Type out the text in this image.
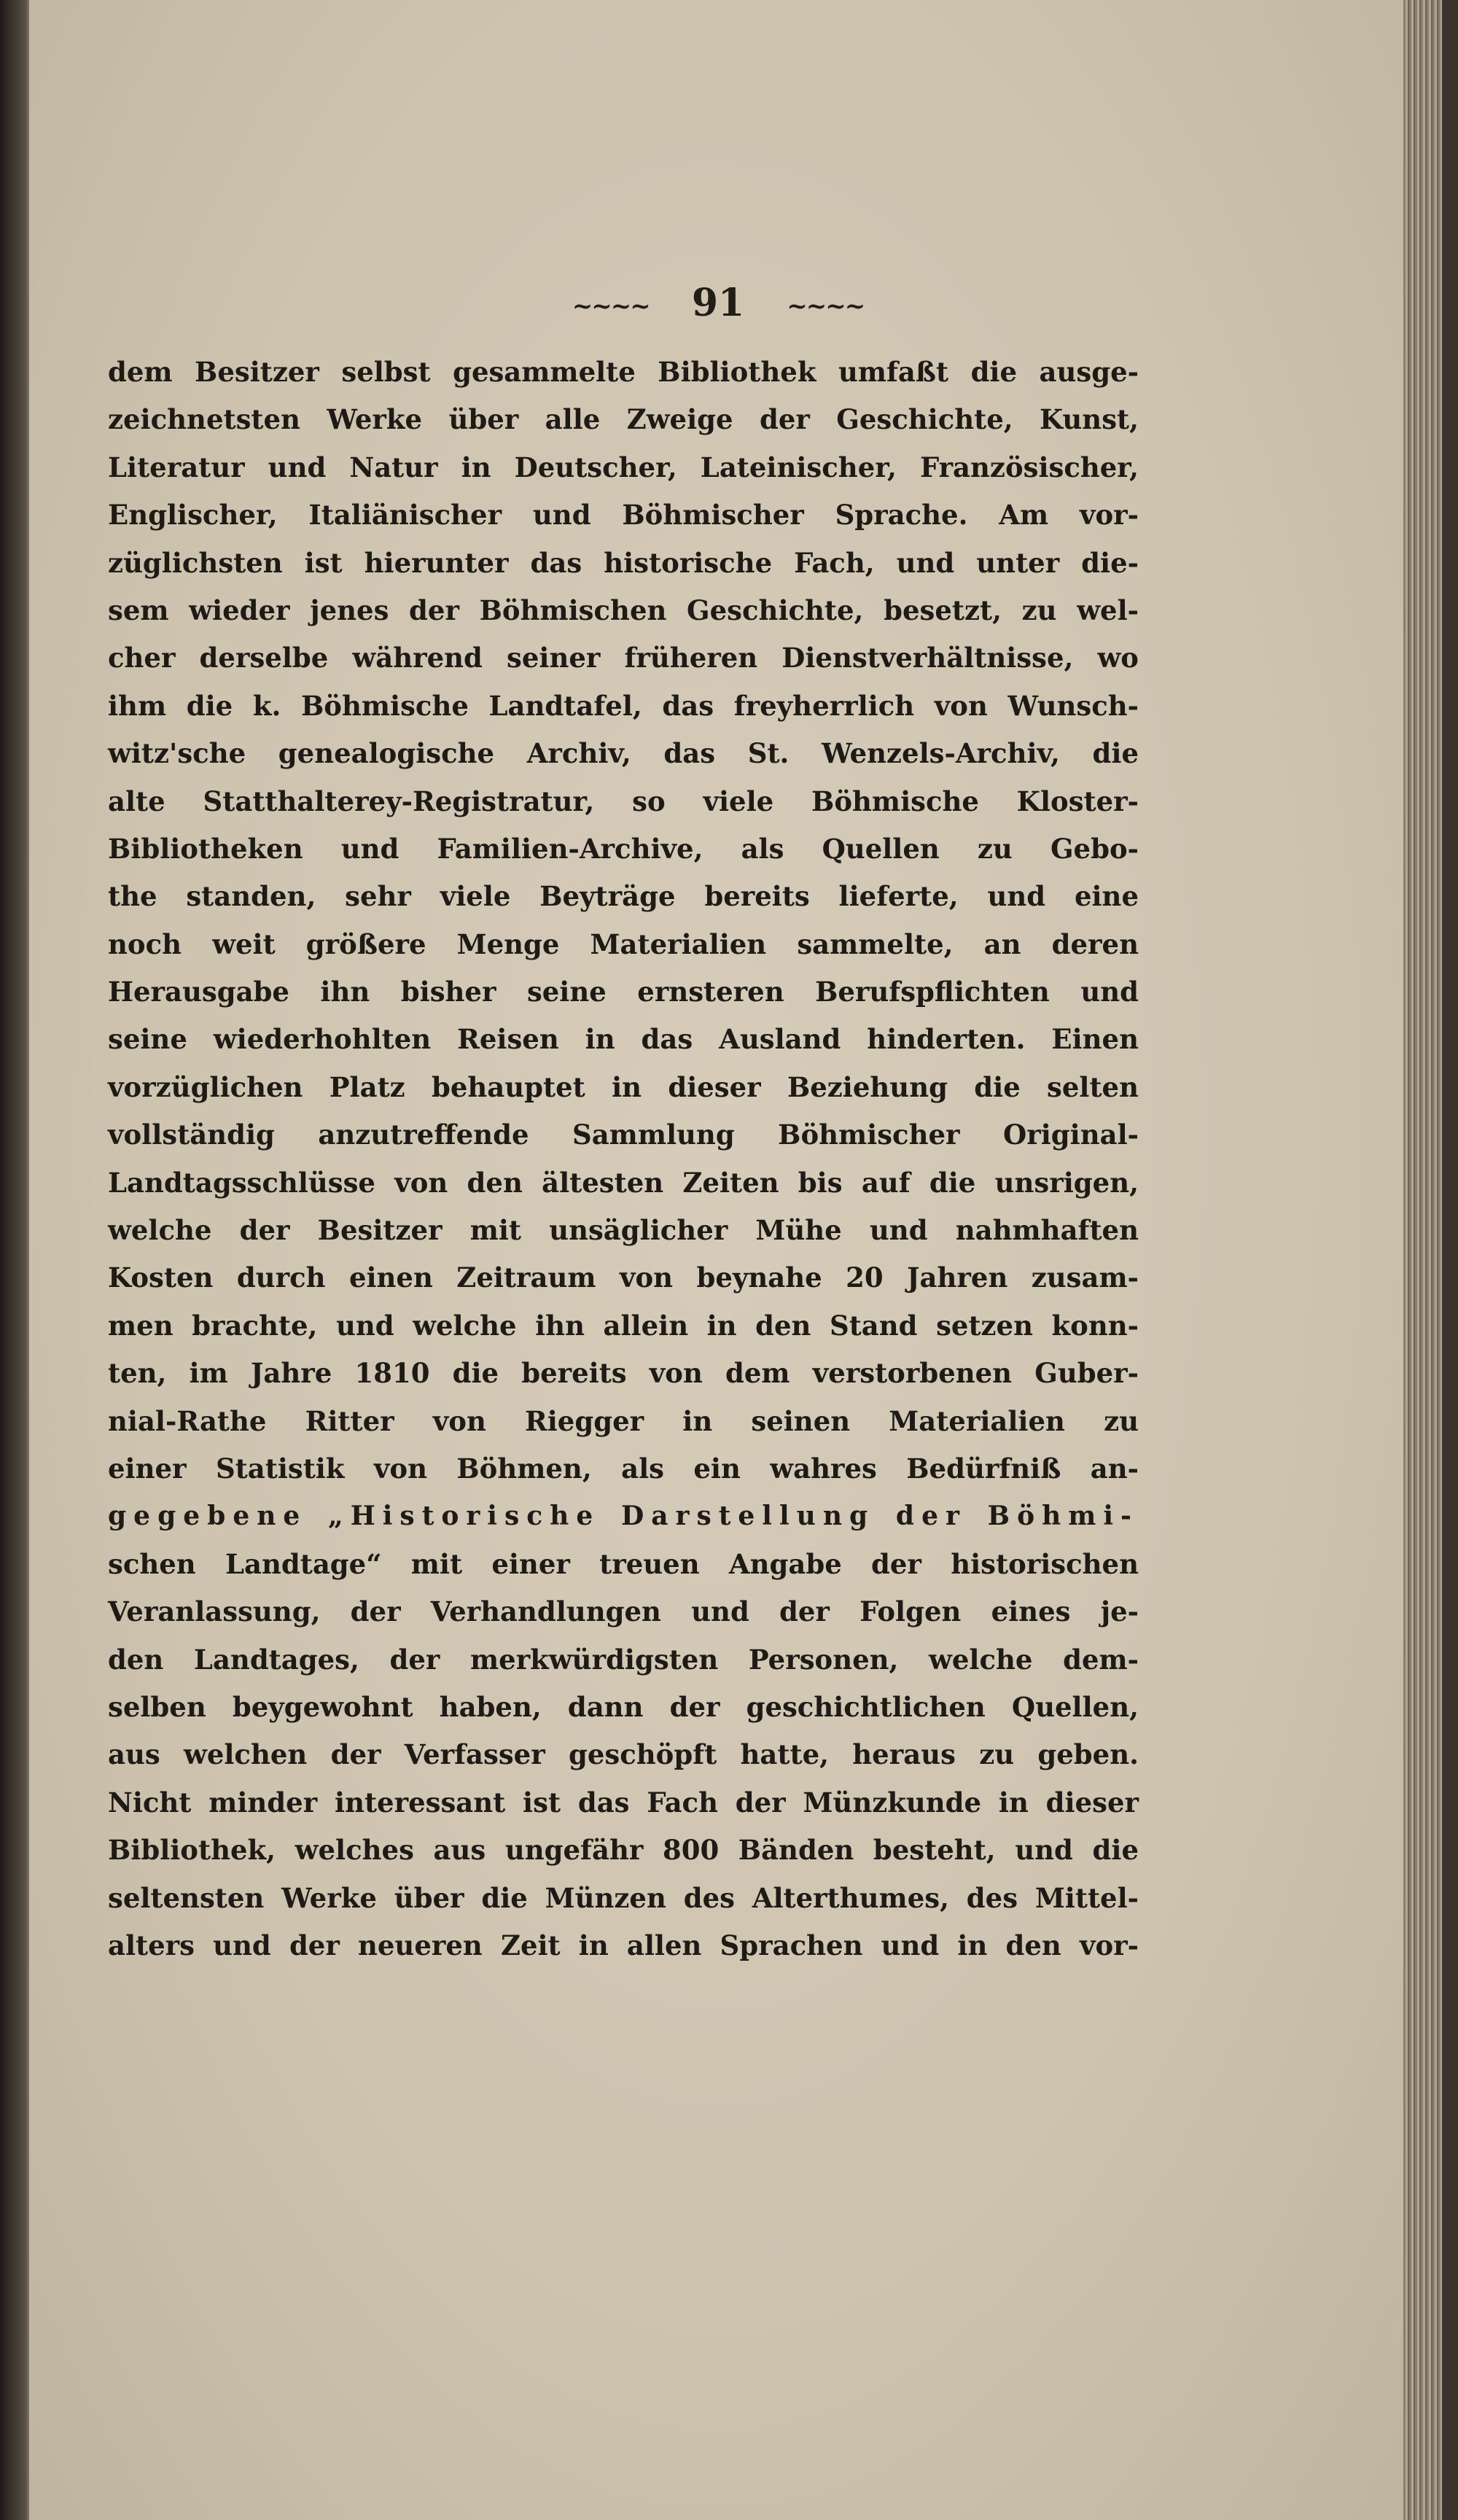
~~~~ 91 ~~~~
dem Besitzer selbst gesammelte Bibliothek umfaßt die ausge-
zeichnetsten Werke über alle Zweige der Geschichte, Kunst,
Literatur und Natur in Deutscher, Lateinischer, Französischer,
Englischer, Italiänischer und Böhmischer Sprache. Am vor-
züglichsten ist hierunter das historische Fach, und unter die-
sem wieder jenes der Böhmischen Geschichte, besetzt, zu wel-
cher derselbe während seiner früheren Dienstverhältnisse, wo
ihm die k. Böhmische Landtafel, das freyherrlich von Wunsch-
witz'sche genealogische Archiv, das St. Wenzels-Archiv, die
alte Statthalterey-Registratur, so viele Böhmische Kloster-
Bibliotheken und Familien-Archive, als Quellen zu Gebo-
the standen, sehr viele Beyträge bereits lieferte, und eine
noch weit größere Menge Materialien sammelte, an deren
Herausgabe ihn bisher seine ernsteren Berufspflichten und
seine wiederhohlten Reisen in das Ausland hinderten. Einen
vorzüglichen Platz behauptet in dieser Beziehung die selten
vollständig anzutreffende Sammlung Böhmischer Original-
Landtagsschlüsse von den ältesten Zeiten bis auf die unsrigen,
welche der Besitzer mit unsäglicher Mühe und nahmhaften
Kosten durch einen Zeitraum von beynahe 20 Jahren zusam-
men brachte, und welche ihn allein in den Stand setzen konn-
ten, im Jahre 1810 die bereits von dem verstorbenen Guber-
nial-Rathe Ritter von Riegger in seinen Materialien zu
einer Statistik von Böhmen, als ein wahres Bedürfniß an-
gegebene „Historische Darstellung der Böhmi-
schen Landtage“ mit einer treuen Angabe der historischen
Veranlassung, der Verhandlungen und der Folgen eines je-
den Landtages, der merkwürdigsten Personen, welche dem-
selben beygewohnt haben, dann der geschichtlichen Quellen,
aus welchen der Verfasser geschöpft hatte, heraus zu geben.
Nicht minder interessant ist das Fach der Münzkunde in dieser
Bibliothek, welches aus ungefähr 800 Bänden besteht, und die
seltensten Werke über die Münzen des Alterthumes, des Mittel-
alters und der neueren Zeit in allen Sprachen und in den vor-
